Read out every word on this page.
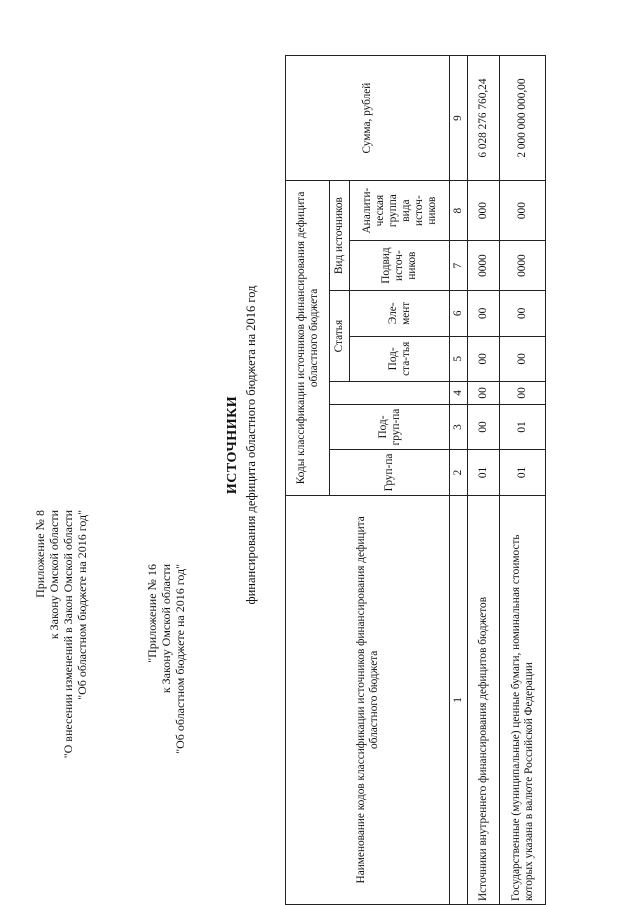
Приложение № 8 к Закону Омской области "О внесении изменений в Закон Омской области "Об областном бюджете на 2016 год"	"Приложение № 16 к Закону Омской области "Об областном бюджете на 2016 год"
ИСТОЧНИКИ финансирования дефицита областного бюджета на 2016 год
Наименование кодов классификации источников финансирования дефицита областного бюджета	Коды классификации источников финансирования дефицита областного бюджета							Сумма, рублей
	Груп-па	Под-груп-па		Статья		Вид источников		
				Под-ста-тья	Эле-мент	Подвид источ-ников	Аналити-ческая группа вида источ-ников	

1	2	3	4	5	6	7	8	9
Источники внутреннего финансирования дефицитов бюджетов	01	00	00	00	00	0000	000	6 028 276 760,24
Государственные (муниципальные) ценные бумаги, номинальная стоимость которых указана в валюте Российской Федерации	01	01	00	00	00	0000	000	2 000 000 000,00
